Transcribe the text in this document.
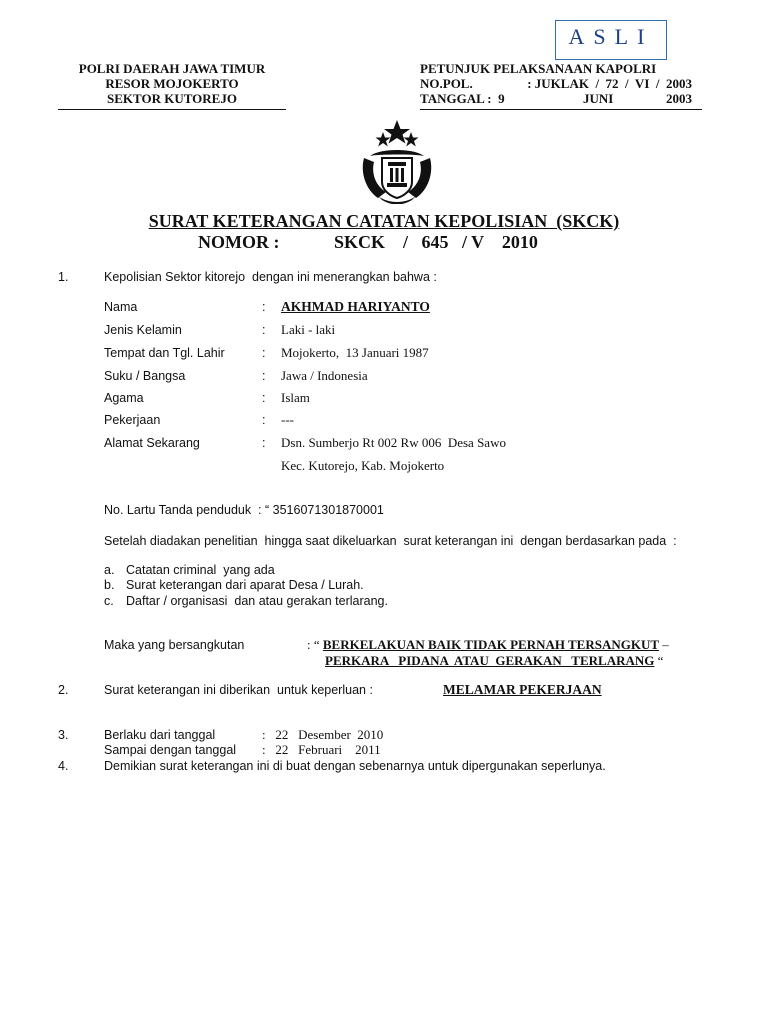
ASLI
POLRI DAERAH JAWA TIMUR
RESOR MOJOKERTO
SEKTOR KUTOREJO
PETUNJUK PELAKSANAAN KAPOLRI
NO.POL.	: JUKLAK  /  72  /  VI  /  2003
TANGGAL :  9	JUNI	2003
SURAT KETERANGAN CATATAN KEPOLISIAN  (SKCK)
NOMOR :	SKCK    /   645   / V    2010
1.	Kepolisian Sektor kitorejo  dengan ini menerangkan bahwa :
Nama	: AKHMAD HARIYANTO
Jenis Kelamin	: Laki - laki
Tempat dan Tgl. Lahir	: Mojokerto,  13 Januari 1987
Suku / Bangsa	: Jawa / Indonesia
Agama	: Islam
Pekerjaan	: ---
Alamat Sekarang	: Dsn. Sumberjo Rt 002 Rw 006  Desa Sawo
Kec. Kutorejo, Kab. Mojokerto
No. Lartu Tanda penduduk  : “ 3516071301870001
Setelah diadakan penelitian  hingga saat dikeluarkan  surat keterangan ini  dengan berdasarkan pada  :
a. Catatan criminal  yang ada
b. Surat keterangan dari aparat Desa / Lurah.
c. Daftar / organisasi  dan atau gerakan terlarang.
Maka yang bersangkutan	: “ BERKELAKUAN BAIK TIDAK PERNAH TERSANGKUT –
PERKARA   PIDANA  ATAU  GERAKAN   TERLARANG “
2.	Surat keterangan ini diberikan  untuk keperluan :	MELAMAR PEKERJAAN
3.	Berlaku dari tanggal	:   22   Desember  2010
Sampai dengan tanggal :   22   Februari    2011
4.	Demikian surat keterangan ini di buat dengan sebenarnya untuk dipergunakan seperlunya.
